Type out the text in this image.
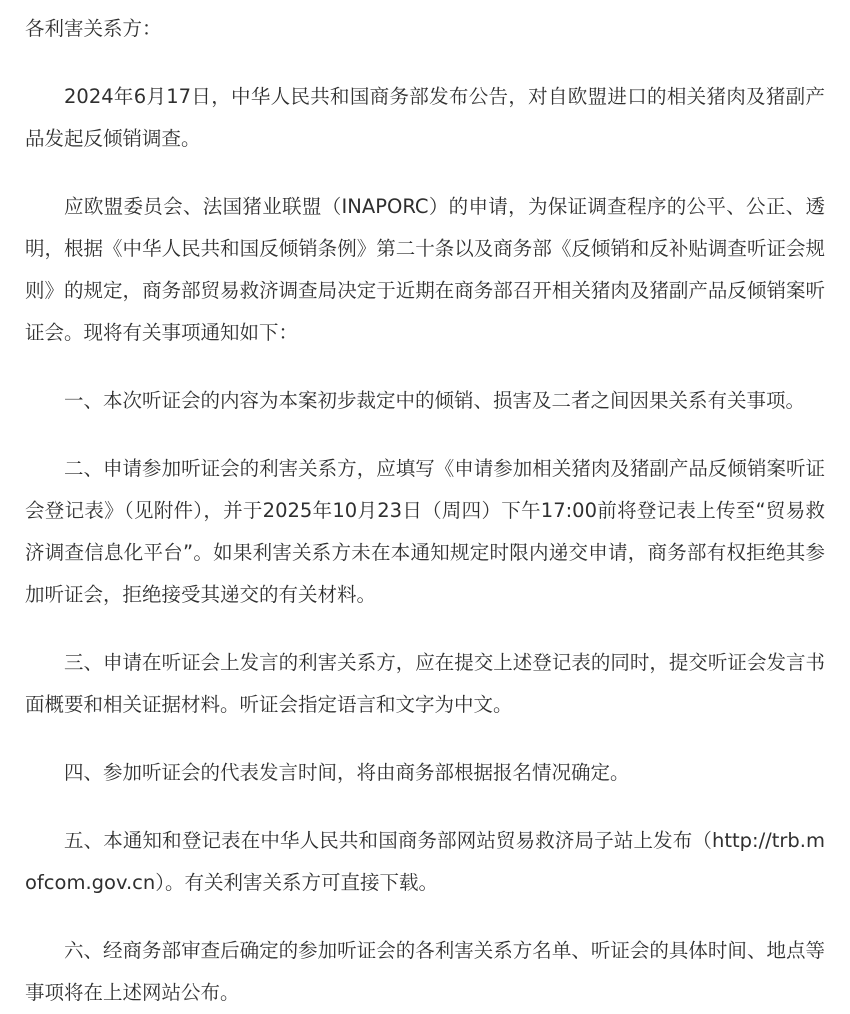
各利害关系方：

2024年6月17日，中华人民共和国商务部发布公告，对自欧盟进口的相关猪肉及猪副产品发起反倾销调查。

应欧盟委员会、法国猪业联盟（INAPORC）的申请，为保证调查程序的公平、公正、透明，根据《中华人民共和国反倾销条例》第二十条以及商务部《反倾销和反补贴调查听证会规则》的规定，商务部贸易救济调查局决定于近期在商务部召开相关猪肉及猪副产品反倾销案听证会。现将有关事项通知如下：

一、本次听证会的内容为本案初步裁定中的倾销、损害及二者之间因果关系有关事项。

二、申请参加听证会的利害关系方，应填写《申请参加相关猪肉及猪副产品反倾销案听证会登记表》（见附件），并于2025年10月23日（周四）下午17:00前将登记表上传至“贸易救济调查信息化平台”。如果利害关系方未在本通知规定时限内递交申请，商务部有权拒绝其参加听证会，拒绝接受其递交的有关材料。

三、申请在听证会上发言的利害关系方，应在提交上述登记表的同时，提交听证会发言书面概要和相关证据材料。听证会指定语言和文字为中文。

四、参加听证会的代表发言时间，将由商务部根据报名情况确定。

五、本通知和登记表在中华人民共和国商务部网站贸易救济局子站上发布（http://trb.mofcom.gov.cn）。有关利害关系方可直接下载。

六、经商务部审查后确定的参加听证会的各利害关系方名单、听证会的具体时间、地点等事项将在上述网站公布。
